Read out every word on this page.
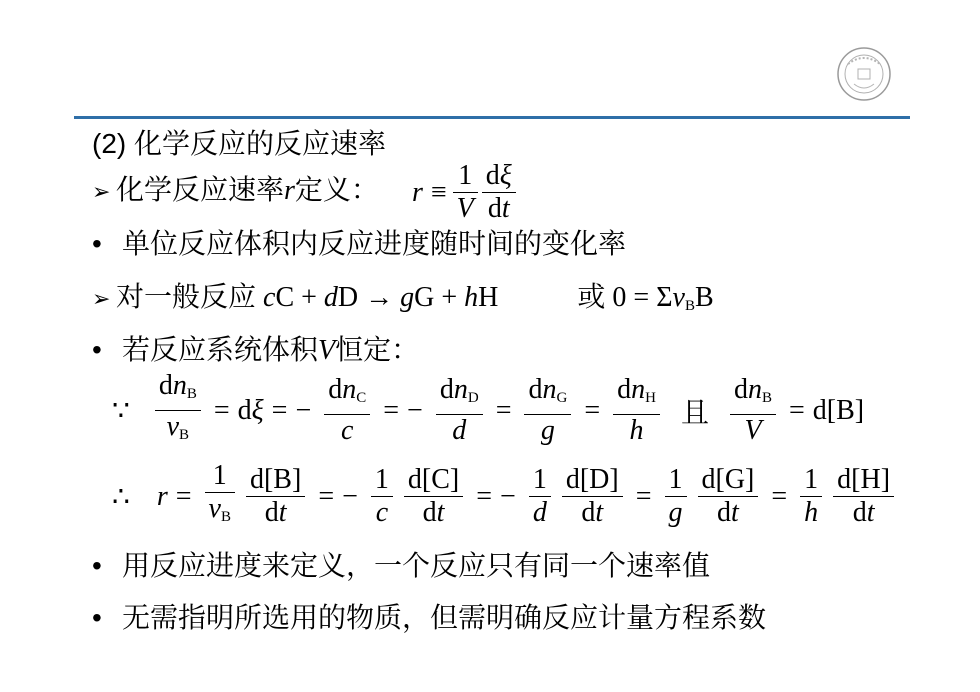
(2) 化学反应的反应速率
➢ 化学反应速率r定义： $r \equiv \frac{1}{V} \frac{d\xi}{dt}$
• 单位反应体积内反应进度随时间的变化率
➢ 对一般反应 cC + dD → gG + hH	或 $0 = \Sigma\nu_BB$
• 若反应系统体积V恒定：
∵ $\frac{dn_B}{\nu_B} = d\xi$ = − $\frac{dn_C}{c}$ = − $\frac{dn_D}{d} = \frac{dn_G}{g} = \frac{dn_H}{h}$ 且 $\frac{dn_B}{V} = d[B]$
∴ $r = \frac{1}{\nu_B}$
$\frac{d[B]}{dt}$ = − $\frac{1}{c}$
$\frac{d[C]}{dt}$ = − $\frac{1}{d}$
$\frac{d[D]}{dt} = \frac{1}{g}$
$\frac{d[G]}{dt} = \frac{1}{h}$
$\frac{d[H]}{dt}$
• 用反应进度来定义，一个反应只有同一个速率值
• 无需指明所选用的物质，但需明确反应计量方程系数
